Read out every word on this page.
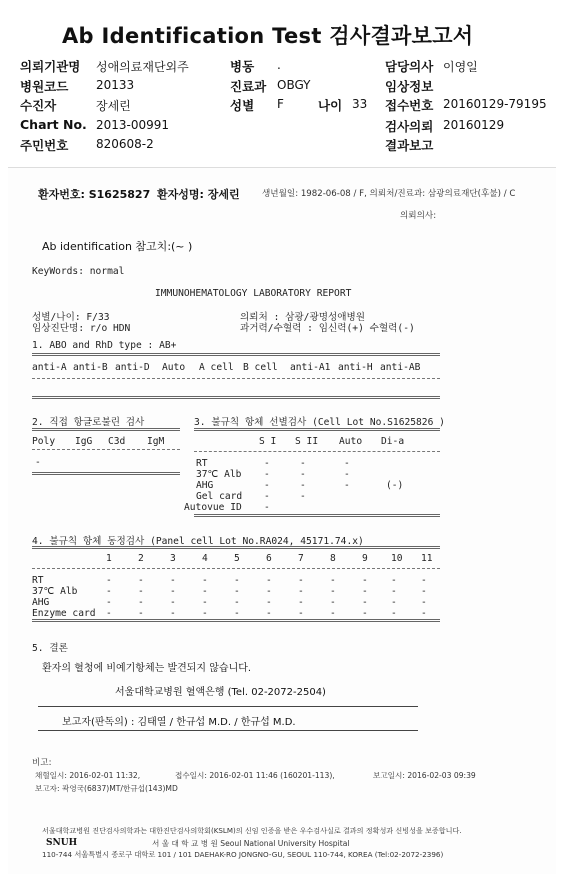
Ab Identification Test 검사결과보고서
의뢰기관명 성애의료재단외주
병원코드 20133
수진자	장세린
Chart No. 2013-00991
주민번호 820608-2
병동 .
진료과 OBGY
성별 F
담당의사 이영일
임상정보
접수번호 20160129-79195
검사의뢰 20160129
결과보고
나이 33
환자번호: S1625827 환자성명: 장세린	생년월일: 1982-06-08 / F, 의뢰처/진료과: 삼광의료재단(후불) / C
의뢰의사:
Ab identification 참고치:(~ )
KeyWords: normal
IMMUNOHEMATOLOGY LABORATORY REPORT
성별/나이: F/33
임상진단명: r/o HDN
의뢰처 : 삼광/광명성애병원
과거력/수혈력 : 임신력(+) 수혈력(-)
1. ABO and RhD type : AB+
anti-A anti-B anti-D Auto A cell B cell anti-A1 anti-H anti-AB
2. 직접 항글로불린 검사
Poly IgG C3d IgM
-
3. 불규칙 항체 선별검사 (Cell Lot No.S1625826 )
S I S II Auto Di-a
RT	-	-	-
37℃ Alb -	-	-
AHG	-	-	-	(-)
Gel card -	-
Autovue ID -
4. 불규칙 항체 동정검사 (Panel cell Lot No.RA024, 45171.74.x)
1	2	3	4	5	6	7	8	9 10 11
RT	-	-	-	-	-	-	-	-	- -	-
37℃ Alb	-	-	-	-	-	-	-	-	- -	-
AHG	-	-	-	-	-	-	-	-	- -	-
Enzyme card -	-	-	-	-	-	-	-	- -	-
5. 결론
환자의 혈청에 비예기항체는 발견되지 않습니다.
서울대학교병원 혈액은행 (Tel. 02-2072-2504)
보고자(판독의) : 김태열 / 한규섭 M.D. / 한규섭 M.D.
비고:
채혈일시: 2016-02-01 11:32,	접수일시: 2016-02-01 11:46 (160201-113),	보고일시: 2016-02-03 09:39
보고자: 곽영국(6837)MT/한규섭(143)MD
서울대학교병원 진단검사의학과는 대한진단검사의학회(KSLM)의 신임 인증을 받은 우수검사실로 결과의 정확성과 신빙성을 보증합니다.
SNUH	서 울 대 학 교 병 원 Seoul National University Hospital
110-744 서울특별시 종로구 대학로 101 / 101 DAEHAK-RO JONGNO-GU, SEOUL 110-744, KOREA (Tel:02-2072-2396)
